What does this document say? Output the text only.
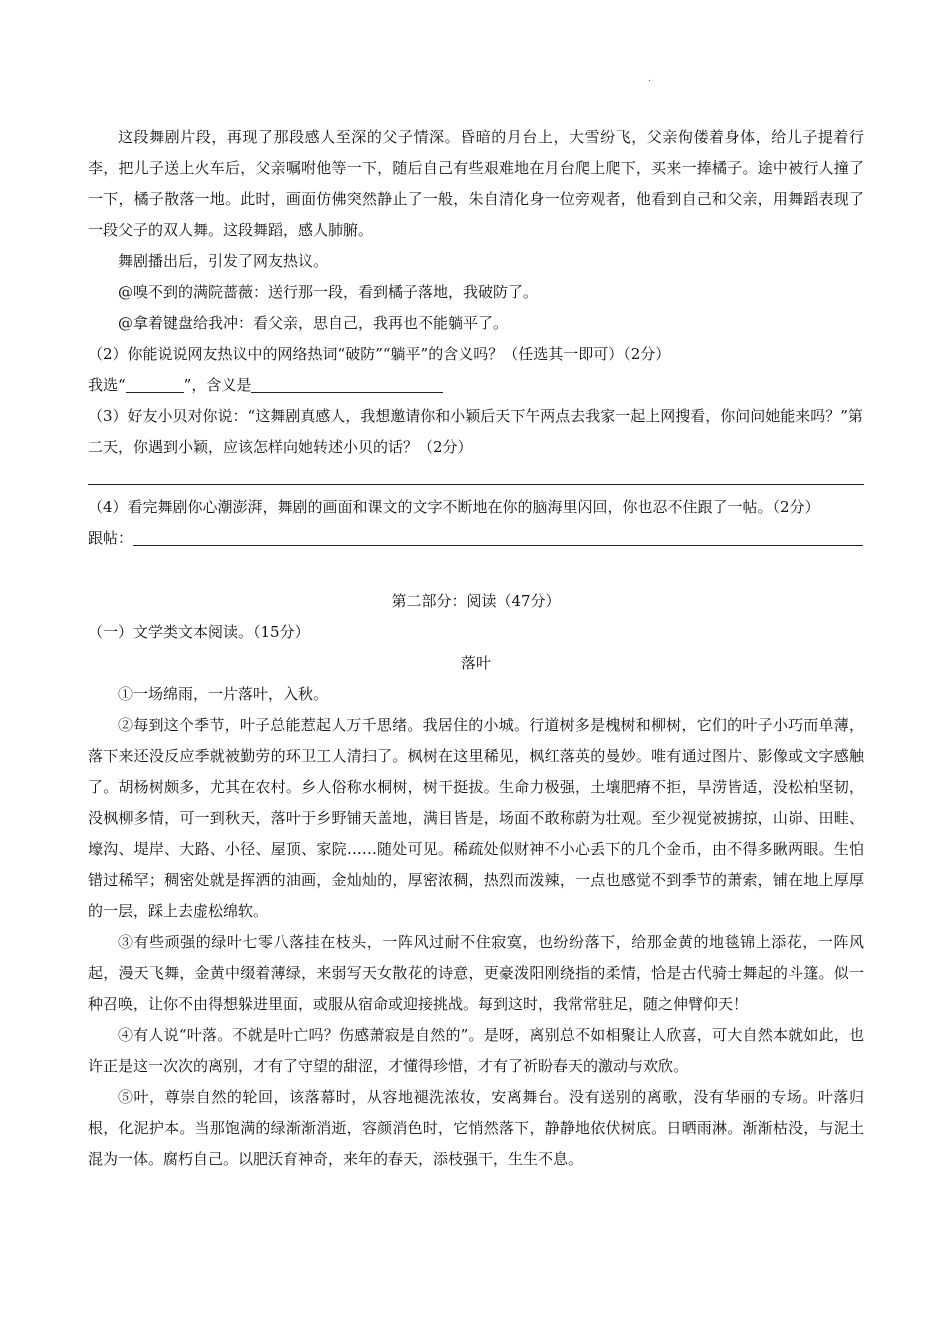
.

这段舞剧片段，再现了那段感人至深的父子情深。昏暗的月台上，大雪纷飞，父亲佝偻着身体，给儿子提着行李，把儿子送上火车后，父亲嘱咐他等一下，随后自己有些艰难地在月台爬上爬下，买来一捧橘子。途中被行人撞了一下，橘子散落一地。此时，画面仿佛突然静止了一般，朱自清化身一位旁观者，他看到自己和父亲，用舞蹈表现了一段父子的双人舞。这段舞蹈，感人肺腑。

舞剧播出后，引发了网友热议。

@嗅不到的满院蔷薇：送行那一段，看到橘子落地，我破防了。

@拿着键盘给我冲：看父亲，思自己，我再也不能躺平了。

（2）你能说说网友热议中的网络热词“破防”“躺平”的含义吗？（任选其一即可）（2分）

我选“	”，含义是

（3）好友小贝对你说：“这舞剧真感人，我想邀请你和小颖后天下午两点去我家一起上网搜看，你问问她能来吗？”第二天，你遇到小颖，应该怎样向她转述小贝的话？（2分）

（4）看完舞剧你心潮澎湃，舞剧的画面和课文的文字不断地在你的脑海里闪回，你也忍不住跟了一帖。（2分）

跟帖：

第二部分：阅读（47分）

（一）文学类文本阅读。（15分）

落叶

①一场绵雨，一片落叶，入秋。

②每到这个季节，叶子总能惹起人万千思绪。我居住的小城。行道树多是槐树和柳树，它们的叶子小巧而单薄，落下来还没反应季就被勤劳的环卫工人清扫了。枫树在这里稀见，枫红落英的曼妙。唯有通过图片、影像或文字感触了。胡杨树颇多，尤其在农村。乡人俗称水桐树，树干挺拔。生命力极强，土壤肥瘠不拒，旱涝皆适，没松柏坚韧，没枫柳多情，可一到秋天，落叶于乡野铺天盖地，满目皆是，场面不敢称蔚为壮观。至少视觉被掳掠，山峁、田畦、壕沟、堤岸、大路、小径、屋顶、家院……随处可见。稀疏处似财神不小心丢下的几个金币，由不得多瞅两眼。生怕错过稀罕；稠密处就是挥洒的油画，金灿灿的，厚密浓稠，热烈而泼辣，一点也感觉不到季节的萧索，铺在地上厚厚的一层，踩上去虚松绵软。

③有些顽强的绿叶七零八落挂在枝头，一阵风过耐不住寂寞，也纷纷落下，给那金黄的地毯锦上添花，一阵风起，漫天飞舞，金黄中缀着薄绿，来弱写天女散花的诗意，更豪泼阳刚绕指的柔情，恰是古代骑士舞起的斗篷。似一种召唤，让你不由得想躲进里面，或服从宿命或迎接挑战。每到这时，我常常驻足，随之伸臂仰天！

④有人说“叶落。不就是叶亡吗？伤感萧寂是自然的”。是呀，离别总不如相聚让人欣喜，可大自然本就如此，也许正是这一次次的离别，才有了守望的甜涩，才懂得珍惜，才有了祈盼春天的激动与欢欣。

⑤叶，尊崇自然的轮回，该落幕时，从容地褪洗浓妆，安离舞台。没有送别的离歌，没有华丽的专场。叶落归根，化泥护本。当那饱满的绿渐渐消逝，容颜消色时，它悄然落下，静静地依伏树底。日晒雨淋。渐渐枯没，与泥土混为一体。腐朽自己。以肥沃育神奇，来年的春天，添枝强干，生生不息。
